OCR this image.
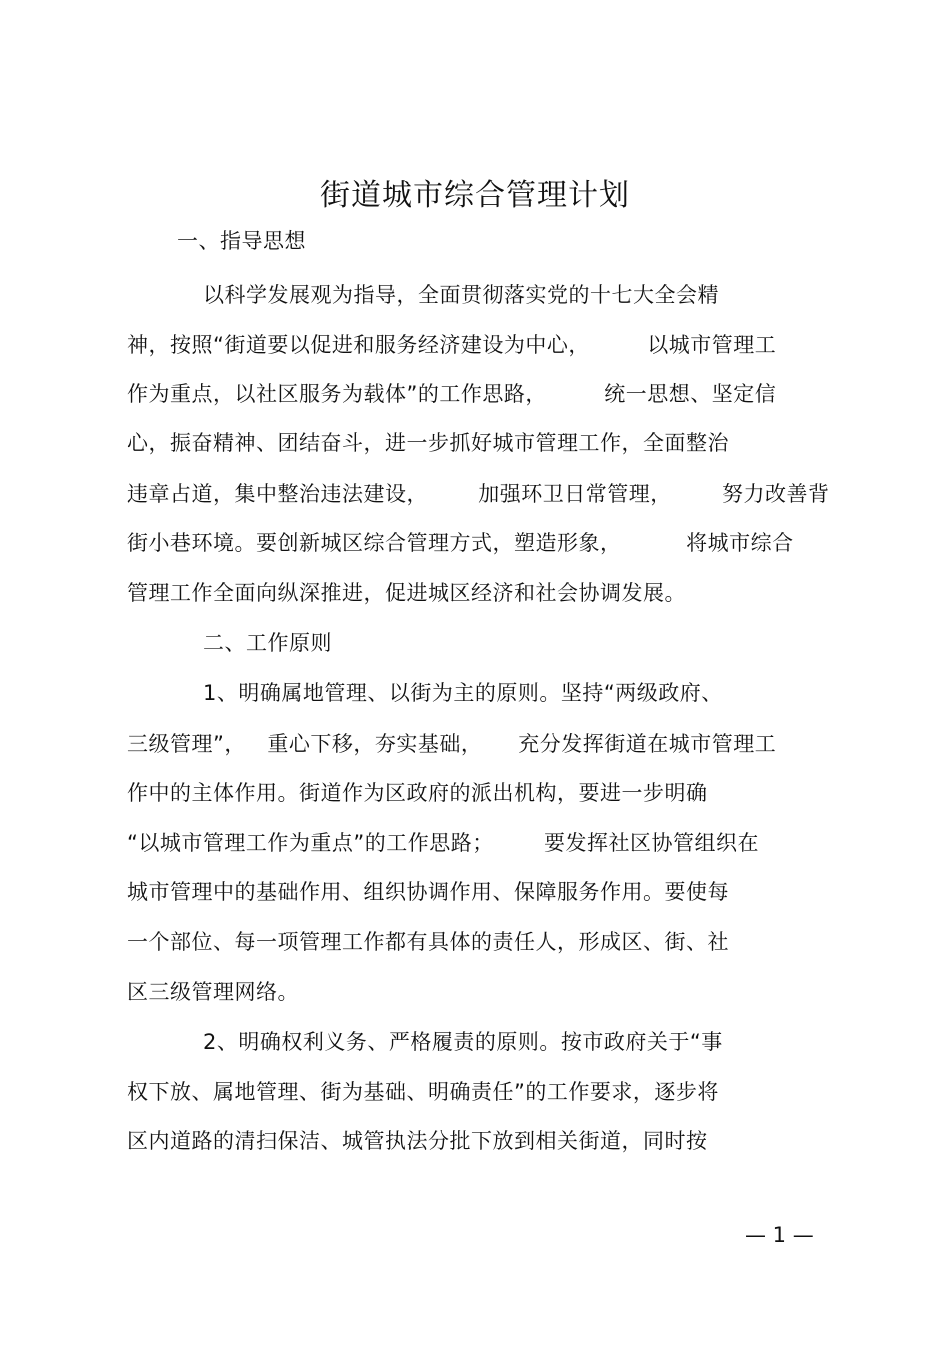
街道城市综合管理计划
一、指导思想
以科学发展观为指导，全面贯彻落实党的十七大全会精
神，按照“街道要以促进和服务经济建设为中心，        以城市管理工
作为重点，以社区服务为载体”的工作思路，        统一思想、坚定信
心，振奋精神、团结奋斗，进一步抓好城市管理工作，全面整治
违章占道，集中整治违法建设，       加强环卫日常管理，       努力改善背
街小巷环境。要创新城区综合管理方式，塑造形象，         将城市综合
管理工作全面向纵深推进，促进城区经济和社会协调发展。
二、工作原则
1、明确属地管理、以街为主的原则。坚持“两级政府、
三级管理”，   重心下移，夯实基础，     充分发挥街道在城市管理工
作中的主体作用。街道作为区政府的派出机构，要进一步明确
“以城市管理工作为重点”的工作思路；       要发挥社区协管组织在
城市管理中的基础作用、组织协调作用、保障服务作用。要使每
一个部位、每一项管理工作都有具体的责任人，形成区、街、社
区三级管理网络。
2、明确权利义务、严格履责的原则。按市政府关于“事
权下放、属地管理、街为基础、明确责任”的工作要求，逐步将
区内道路的清扫保洁、城管执法分批下放到相关街道，同时按
— 1 —
